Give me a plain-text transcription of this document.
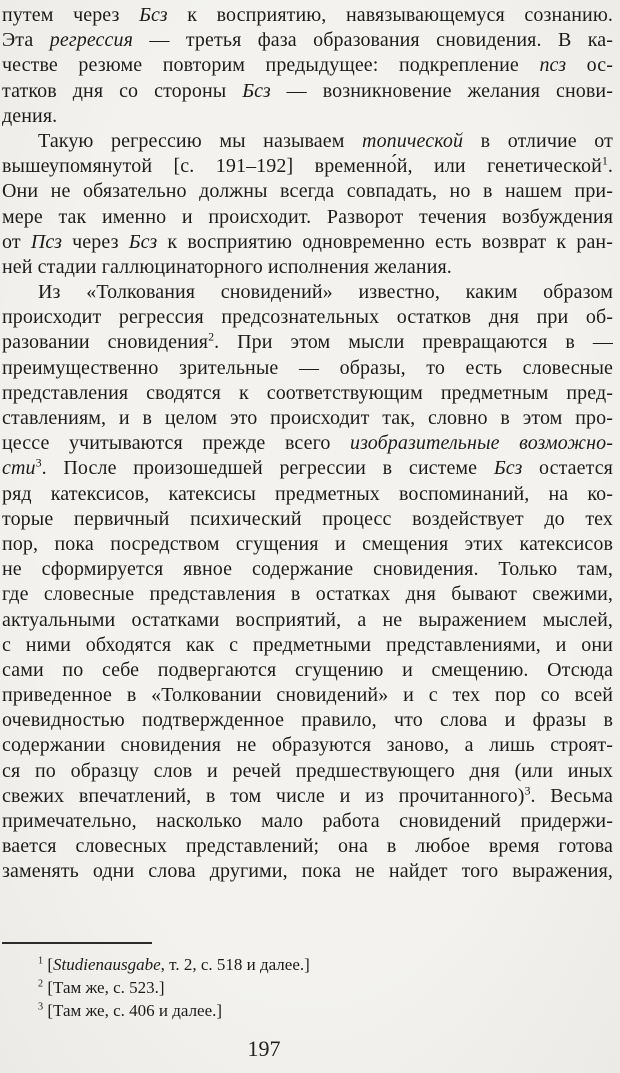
путем через Бсз к восприятию, навязывающемуся сознанию.
Эта регрессия — третья фаза образования сновидения. В ка-
честве резюме повторим предыдущее: подкрепление псз ос-
татков дня со стороны Бсз — возникновение желания снови-
дения.
Такую регрессию мы называем топической в отличие от
вышеупомянутой [с. 191–192] временно́й, или генетической$^1$.
Они не обязательно должны всегда совпадать, но в нашем при-
мере так именно и происходит. Разворот течения возбуждения
от Псз через Бсз к восприятию одновременно есть возврат к ран-
ней стадии галлюцинаторного исполнения желания.
Из «Толкования сновидений» известно, каким образом
происходит регрессия предсознательных остатков дня при об-
разовании сновидения$^2$. При этом мысли превращаются в —
преимущественно зрительные — образы, то есть словесные
представления сводятся к соответствующим предметным пред-
ставлениям, и в целом это происходит так, словно в этом про-
цессе учитываются прежде всего изобразительные возможно-
сти$^3$. После произошедшей регрессии в системе Бсз остается
ряд катексисов, катексисы предметных воспоминаний, на ко-
торые первичный психический процесс воздействует до тех
пор, пока посредством сгущения и смещения этих катексисов
не сформируется явное содержание сновидения. Только там,
где словесные представления в остатках дня бывают свежими,
актуальными остатками восприятий, а не выражением мыслей,
с ними обходятся как с предметными представлениями, и они
сами по себе подвергаются сгущению и смещению. Отсюда
приведенное в «Толковании сновидений» и с тех пор со всей
очевидностью подтвержденное правило, что слова и фразы в
содержании сновидения не образуются заново, а лишь строят-
ся по образцу слов и речей предшествующего дня (или иных
свежих впечатлений, в том числе и из прочитанного)$^3$. Весьма
примечательно, насколько мало работа сновидений придержи-
вается словесных представлений; она в любое время готова
заменять одни слова другими, пока не найдет того выражения,
$^1$ [Studienausgabe, т. 2, с. 518 и далее.]
$^2$ [Там же, с. 523.]
$^3$ [Там же, с. 406 и далее.]
197
